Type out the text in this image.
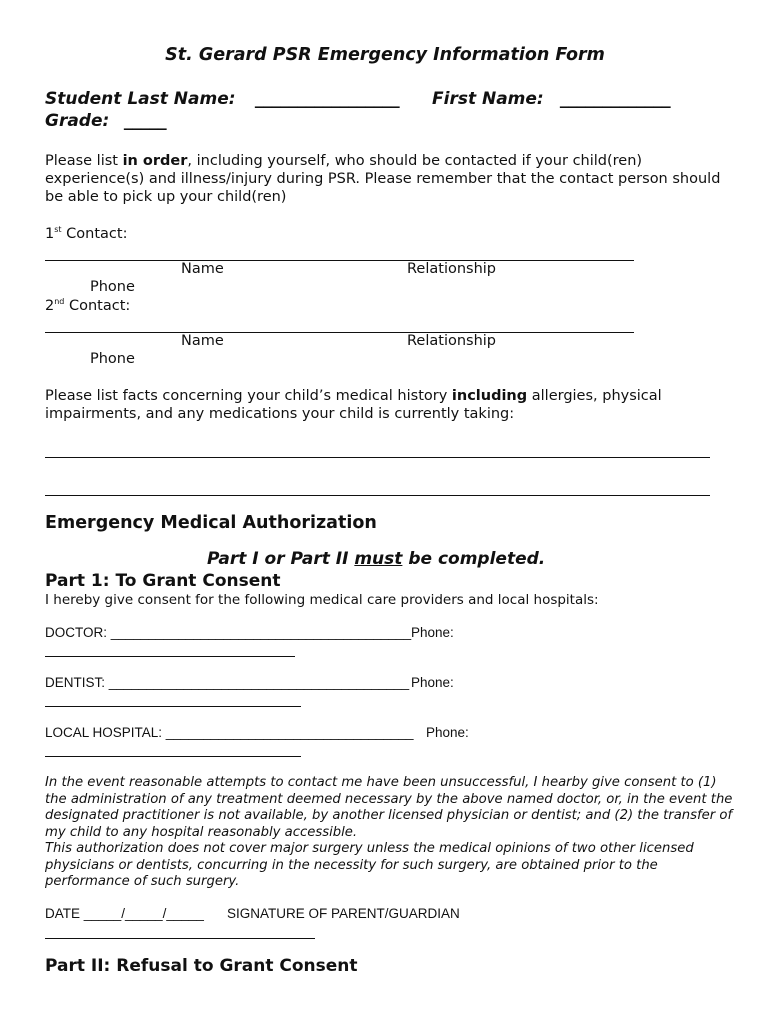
St. Gerard PSR Emergency Information Form
Student Last Name: _________________ First Name: _____________
Grade: _____
Please list in order, including yourself, who should be contacted if your child(ren) experience(s) and illness/injury during PSR. Please remember that the contact person should be able to pick up your child(ren)
1st Contact:
Name	Relationship
Phone
2nd Contact:
Name	Relationship
Phone
Please list facts concerning your child’s medical history including allergies, physical impairments, and any medications your child is currently taking:
Emergency Medical Authorization
Part I or Part II must be completed.
Part 1: To Grant Consent
I hereby give consent for the following medical care providers and local hospitals:
DOCTOR: ________________________________________ Phone:
DENTIST: ________________________________________ Phone:
LOCAL HOSPITAL: _________________________________ Phone:
In the event reasonable attempts to contact me have been unsuccessful, I hearby give consent to (1) the administration of any treatment deemed necessary by the above named doctor, or, in the event the designated practitioner is not available, by another licensed physician or dentist; and (2) the transfer of my child to any hospital reasonably accessible.
This authorization does not cover major surgery unless the medical opinions of two other licensed physicians or dentists, concurring in the necessity for such surgery, are obtained prior to the performance of such surgery.
DATE _____/_____/_____ SIGNATURE OF PARENT/GUARDIAN
Part II: Refusal to Grant Consent
